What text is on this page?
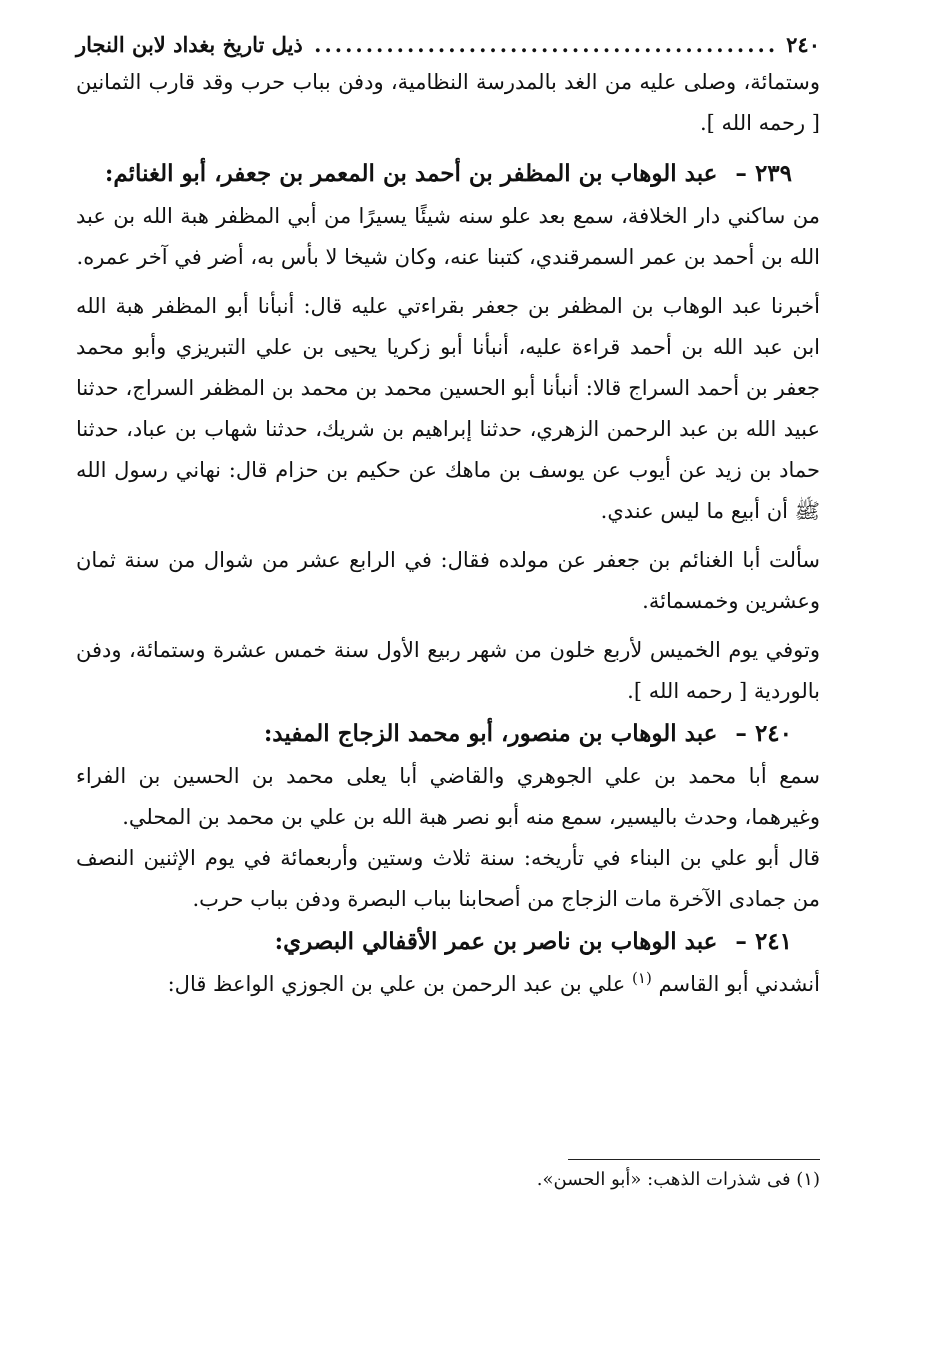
٢٤٠
.....
ذيل تاريخ بغداد لابن النجار

وستمائة، وصلى عليه من الغد بالمدرسة النظامية، ودفن بباب حرب وقد قارب الثمانين [ رحمه الله ].

٢٣٩ – عبد الوهاب بن المظفر بن أحمد بن المعمر بن جعفر، أبو الغنائم:

من ساكني دار الخلافة، سمع بعد علو سنه شيئًا يسيرًا من أبي المظفر هبة الله بن عبد الله بن أحمد بن عمر السمرقندي، كتبنا عنه، وكان شيخا لا بأس به، أضر في آخر عمره.

أخبرنا عبد الوهاب بن المظفر بن جعفر بقراءتي عليه قال: أنبأنا أبو المظفر هبة الله ابن عبد الله بن أحمد قراءة عليه، أنبأنا أبو زكريا يحيى بن علي التبريزي وأبو محمد جعفر بن أحمد السراج قالا: أنبأنا أبو الحسين محمد بن محمد بن المظفر السراج، حدثنا عبيد الله بن عبد الرحمن الزهري، حدثنا إبراهيم بن شريك، حدثنا شهاب بن عباد، حدثنا حماد بن زيد عن أيوب عن يوسف بن ماهك عن حكيم بن حزام قال: نهاني رسول الله ﷺ أن أبيع ما ليس عندي.

سألت أبا الغنائم بن جعفر عن مولده فقال: في الرابع عشر من شوال من سنة ثمان وعشرين وخمسمائة.

وتوفي يوم الخميس لأربع خلون من شهر ربيع الأول سنة خمس عشرة وستمائة، ودفن بالوردية [ رحمه الله ].

٢٤٠ – عبد الوهاب بن منصور، أبو محمد الزجاج المفيد:

سمع أبا محمد بن علي الجوهري والقاضي أبا يعلى محمد بن الحسين بن الفراء وغيرهما، وحدث باليسير، سمع منه أبو نصر هبة الله بن علي بن محمد بن المحلي.

قال أبو علي بن البناء في تأريخه: سنة ثلاث وستين وأربعمائة في يوم الإثنين النصف من جمادى الآخرة مات الزجاج من أصحابنا بباب البصرة ودفن بباب حرب.

٢٤١ – عبد الوهاب بن ناصر بن عمر الأقفالي البصري:

أنشدني أبو القاسم $^{(١)}$ علي بن عبد الرحمن بن علي بن الجوزي الواعظ قال:

(١) فى شذرات الذهب: «أبو الحسن».
